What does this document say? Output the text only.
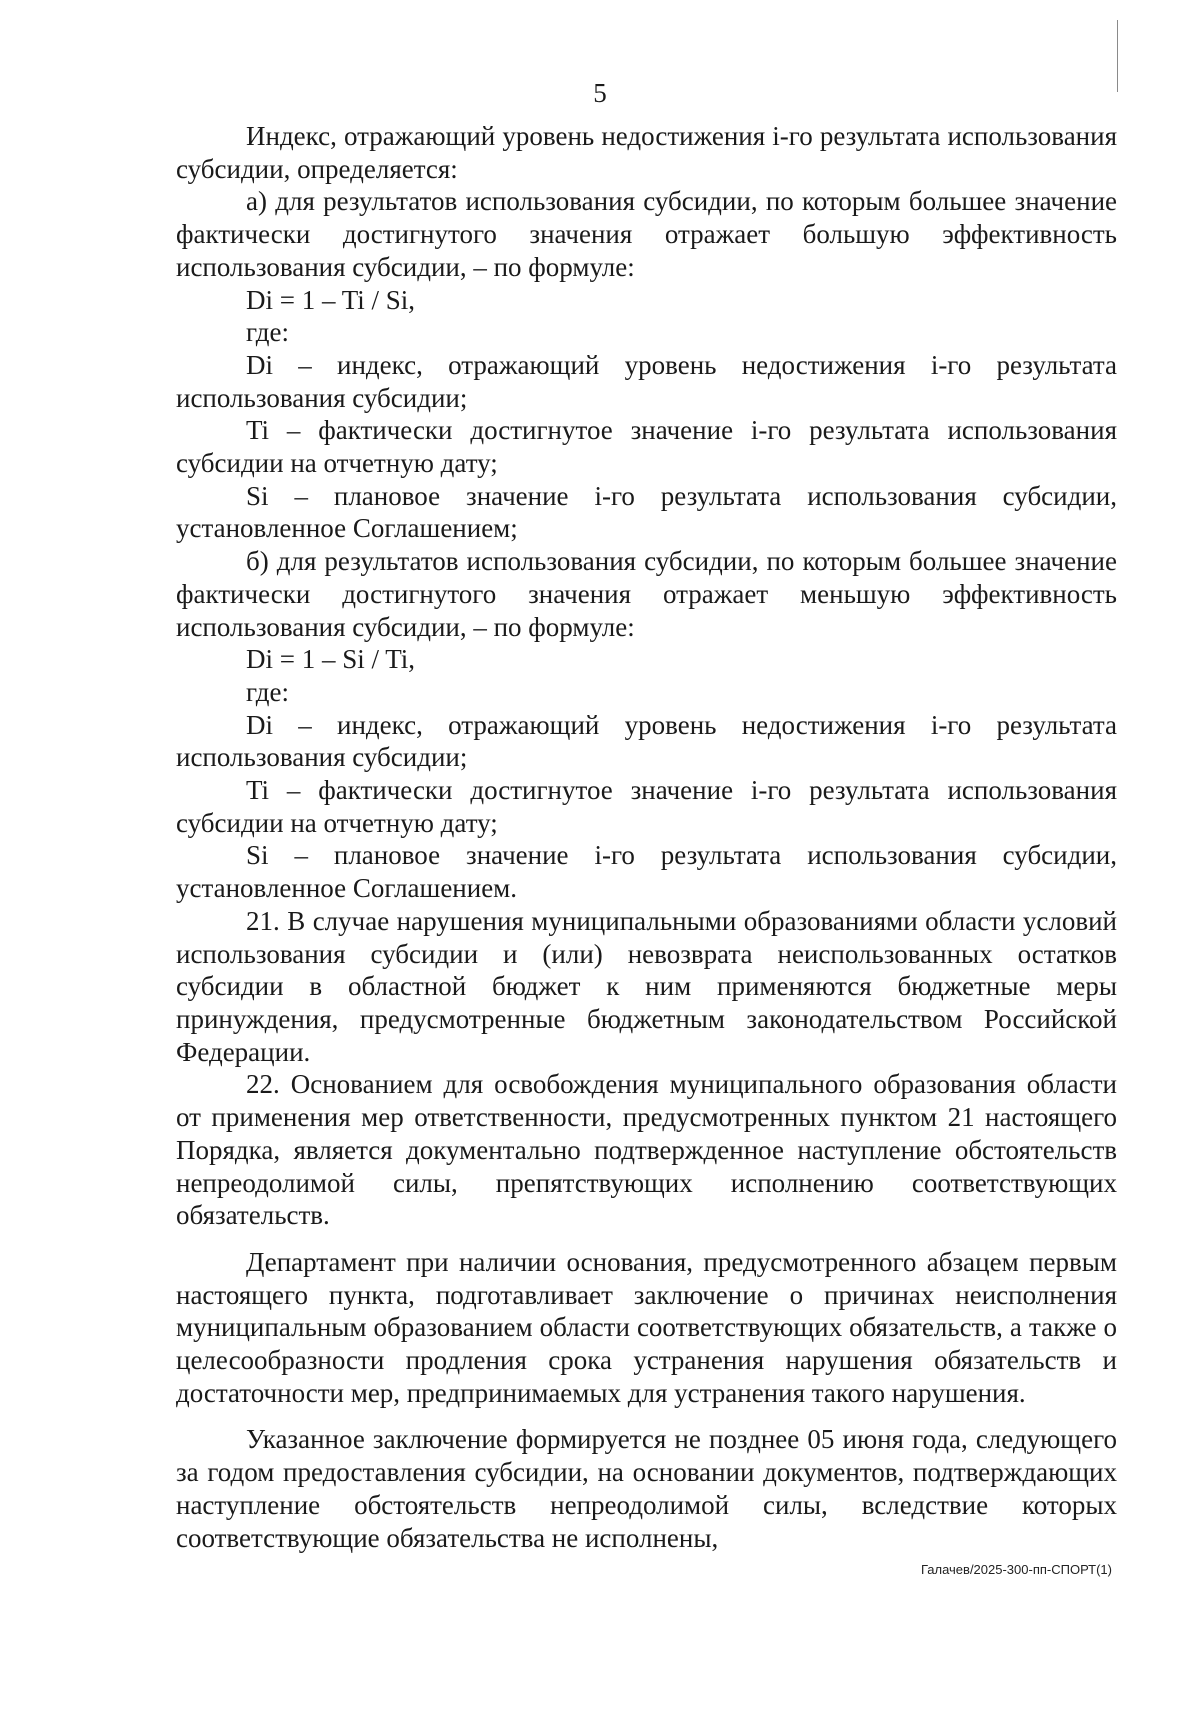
5

Индекс, отражающий уровень недостижения i-го результата использования субсидии, определяется:

а) для результатов использования субсидии, по которым большее значение фактически достигнутого значения отражает большую эффективность использования субсидии, – по формуле:

Di = 1 – Ti / Si,

где:

Di – индекс, отражающий уровень недостижения i-го результата использования субсидии;

Ti – фактически достигнутое значение i-го результата использования субсидии на отчетную дату;

Si – плановое значение i-го результата использования субсидии, установленное Соглашением;

б) для результатов использования субсидии, по которым большее значение фактически достигнутого значения отражает меньшую эффективность использования субсидии, – по формуле:

Di = 1 – Si / Ti,

где:

Di – индекс, отражающий уровень недостижения i-го результата использования субсидии;

Ti – фактически достигнутое значение i-го результата использования субсидии на отчетную дату;

Si – плановое значение i-го результата использования субсидии, установленное Соглашением.

21. В случае нарушения муниципальными образованиями области условий использования субсидии и (или) невозврата неиспользованных остатков субсидии в областной бюджет к ним применяются бюджетные меры принуждения, предусмотренные бюджетным законодательством Российской Федерации.

22. Основанием для освобождения муниципального образования области от применения мер ответственности, предусмотренных пунктом 21 настоящего Порядка, является документально подтвержденное наступление обстоятельств непреодолимой силы, препятствующих исполнению соответствующих обязательств.

Департамент при наличии основания, предусмотренного абзацем первым настоящего пункта, подготавливает заключение о причинах неисполнения муниципальным образованием области соответствующих обязательств, а также о целесообразности продления срока устранения нарушения обязательств и достаточности мер, предпринимаемых для устранения такого нарушения.

Указанное заключение формируется не позднее 05 июня года, следующего за годом предоставления субсидии, на основании документов, подтверждающих наступление обстоятельств непреодолимой силы, вследствие которых соответствующие обязательства не исполнены,

Галачев/2025-300-пп-СПОРТ(1)
